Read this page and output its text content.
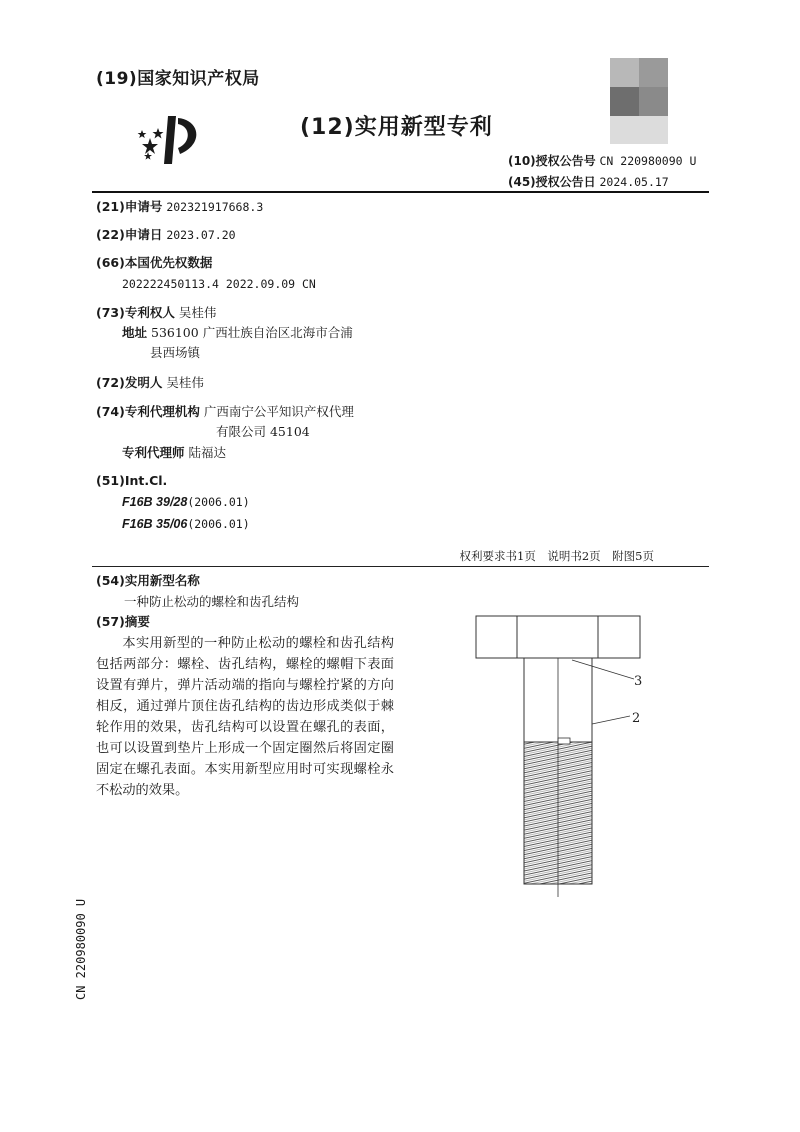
(19)国家知识产权局
(12)实用新型专利
(10)授权公告号 CN 220980090 U
(45)授权公告日 2024.05.17
(21)申请号 202321917668.3
(22)申请日 2023.07.20
(66)本国优先权数据
202222450113.4 2022.09.09 CN
(73)专利权人 吴桂伟
地址 536100 广西壮族自治区北海市合浦
县西场镇
(72)发明人 吴桂伟
(74)专利代理机构 广西南宁公平知识产权代理
有限公司 45104
专利代理师 陆福达
(51)Int.Cl.
F16B 39/28(2006.01)
F16B 35/06(2006.01)
权利要求书1页　说明书2页　附图5页
(54)实用新型名称
一种防止松动的螺栓和齿孔结构
(57)摘要
本实用新型的一种防止松动的螺栓和齿孔结构包括两部分：螺栓、齿孔结构，螺栓的螺帽下表面设置有弹片，弹片活动端的指向与螺栓拧紧的方向相反，通过弹片顶住齿孔结构的齿边形成类似于棘轮作用的效果，齿孔结构可以设置在螺孔的表面，也可以设置到垫片上形成一个固定圈然后将固定圈固定在螺孔表面。本实用新型应用时可实现螺栓永不松动的效果。
3
2
CN 220980090 U
